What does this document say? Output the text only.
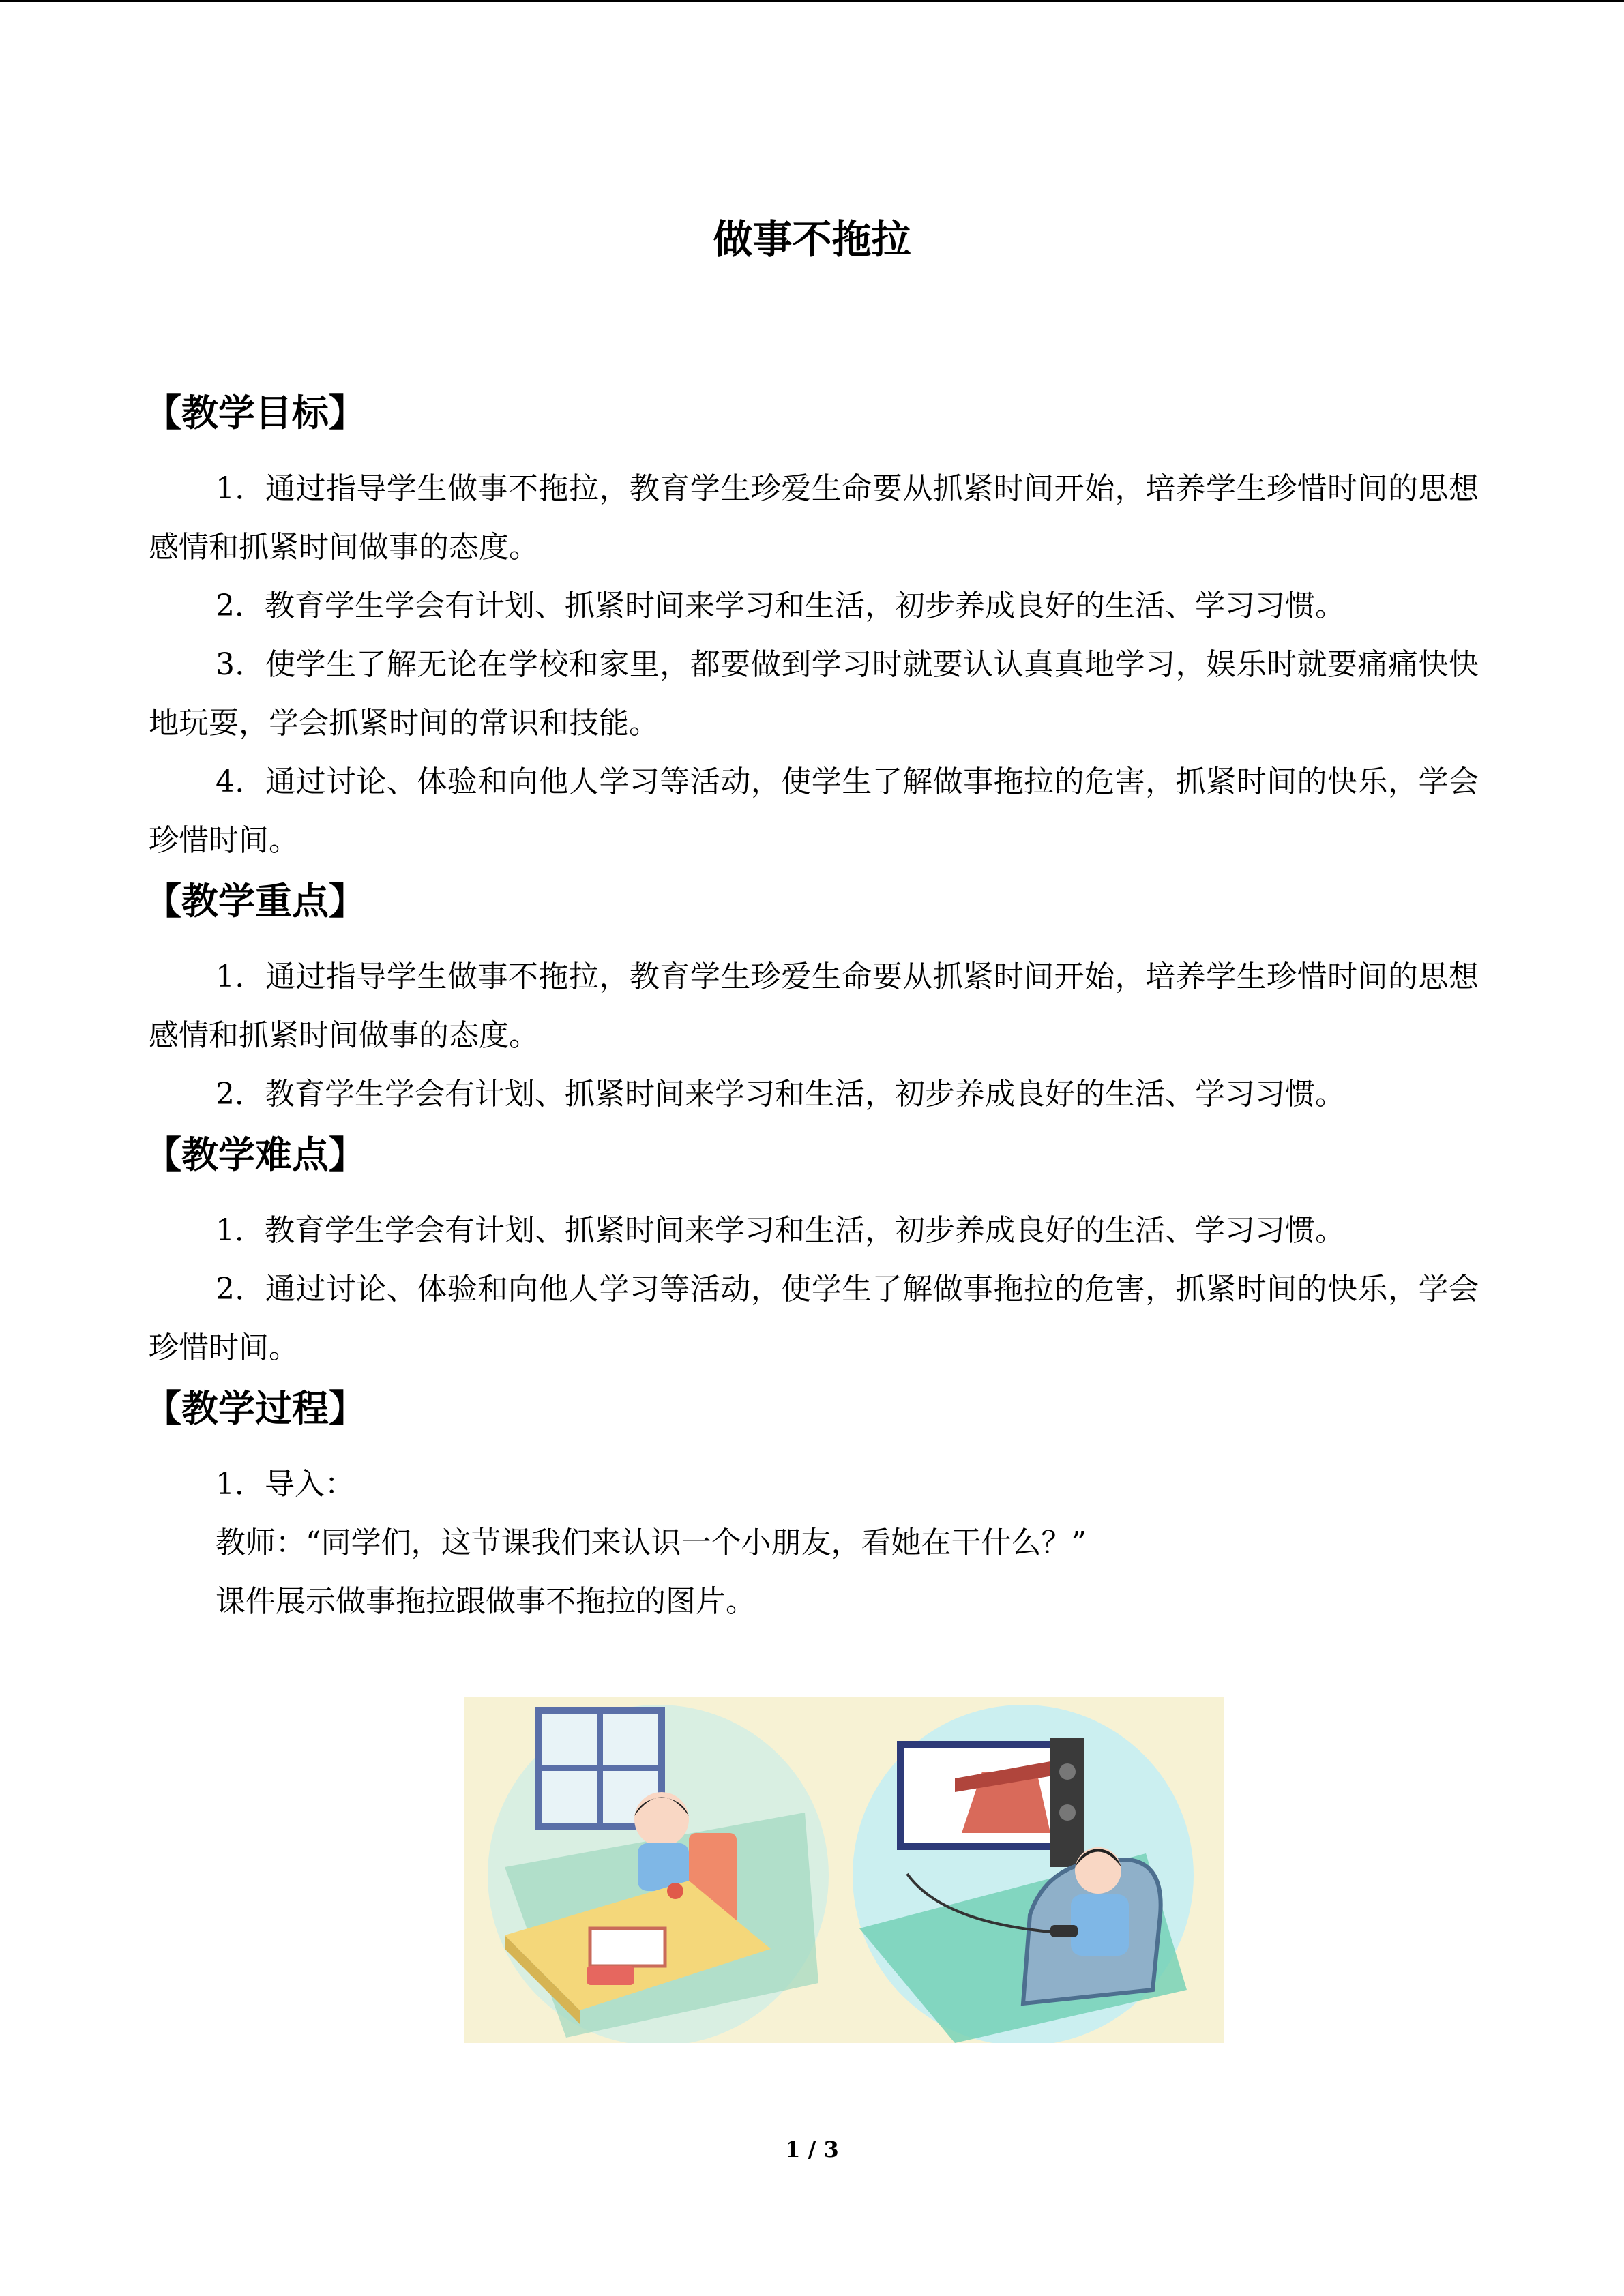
做事不拖拉
【教学目标】

1．通过指导学生做事不拖拉，教育学生珍爱生命要从抓紧时间开始，培养学生珍惜时间的思想感情和抓紧时间做事的态度。

2．教育学生学会有计划、抓紧时间来学习和生活，初步养成良好的生活、学习习惯。

3．使学生了解无论在学校和家里，都要做到学习时就要认认真真地学习，娱乐时就要痛痛快快地玩耍，学会抓紧时间的常识和技能。

4．通过讨论、体验和向他人学习等活动，使学生了解做事拖拉的危害，抓紧时间的快乐，学会珍惜时间。

【教学重点】

1．通过指导学生做事不拖拉，教育学生珍爱生命要从抓紧时间开始，培养学生珍惜时间的思想感情和抓紧时间做事的态度。

2．教育学生学会有计划、抓紧时间来学习和生活，初步养成良好的生活、学习习惯。

【教学难点】

1．教育学生学会有计划、抓紧时间来学习和生活，初步养成良好的生活、学习习惯。

2．通过讨论、体验和向他人学习等活动，使学生了解做事拖拉的危害，抓紧时间的快乐，学会珍惜时间。

【教学过程】

1．导入：

教师：“同学们，这节课我们来认识一个小朋友，看她在干什么？”

课件展示做事拖拉跟做事不拖拉的图片。

1 / 3
